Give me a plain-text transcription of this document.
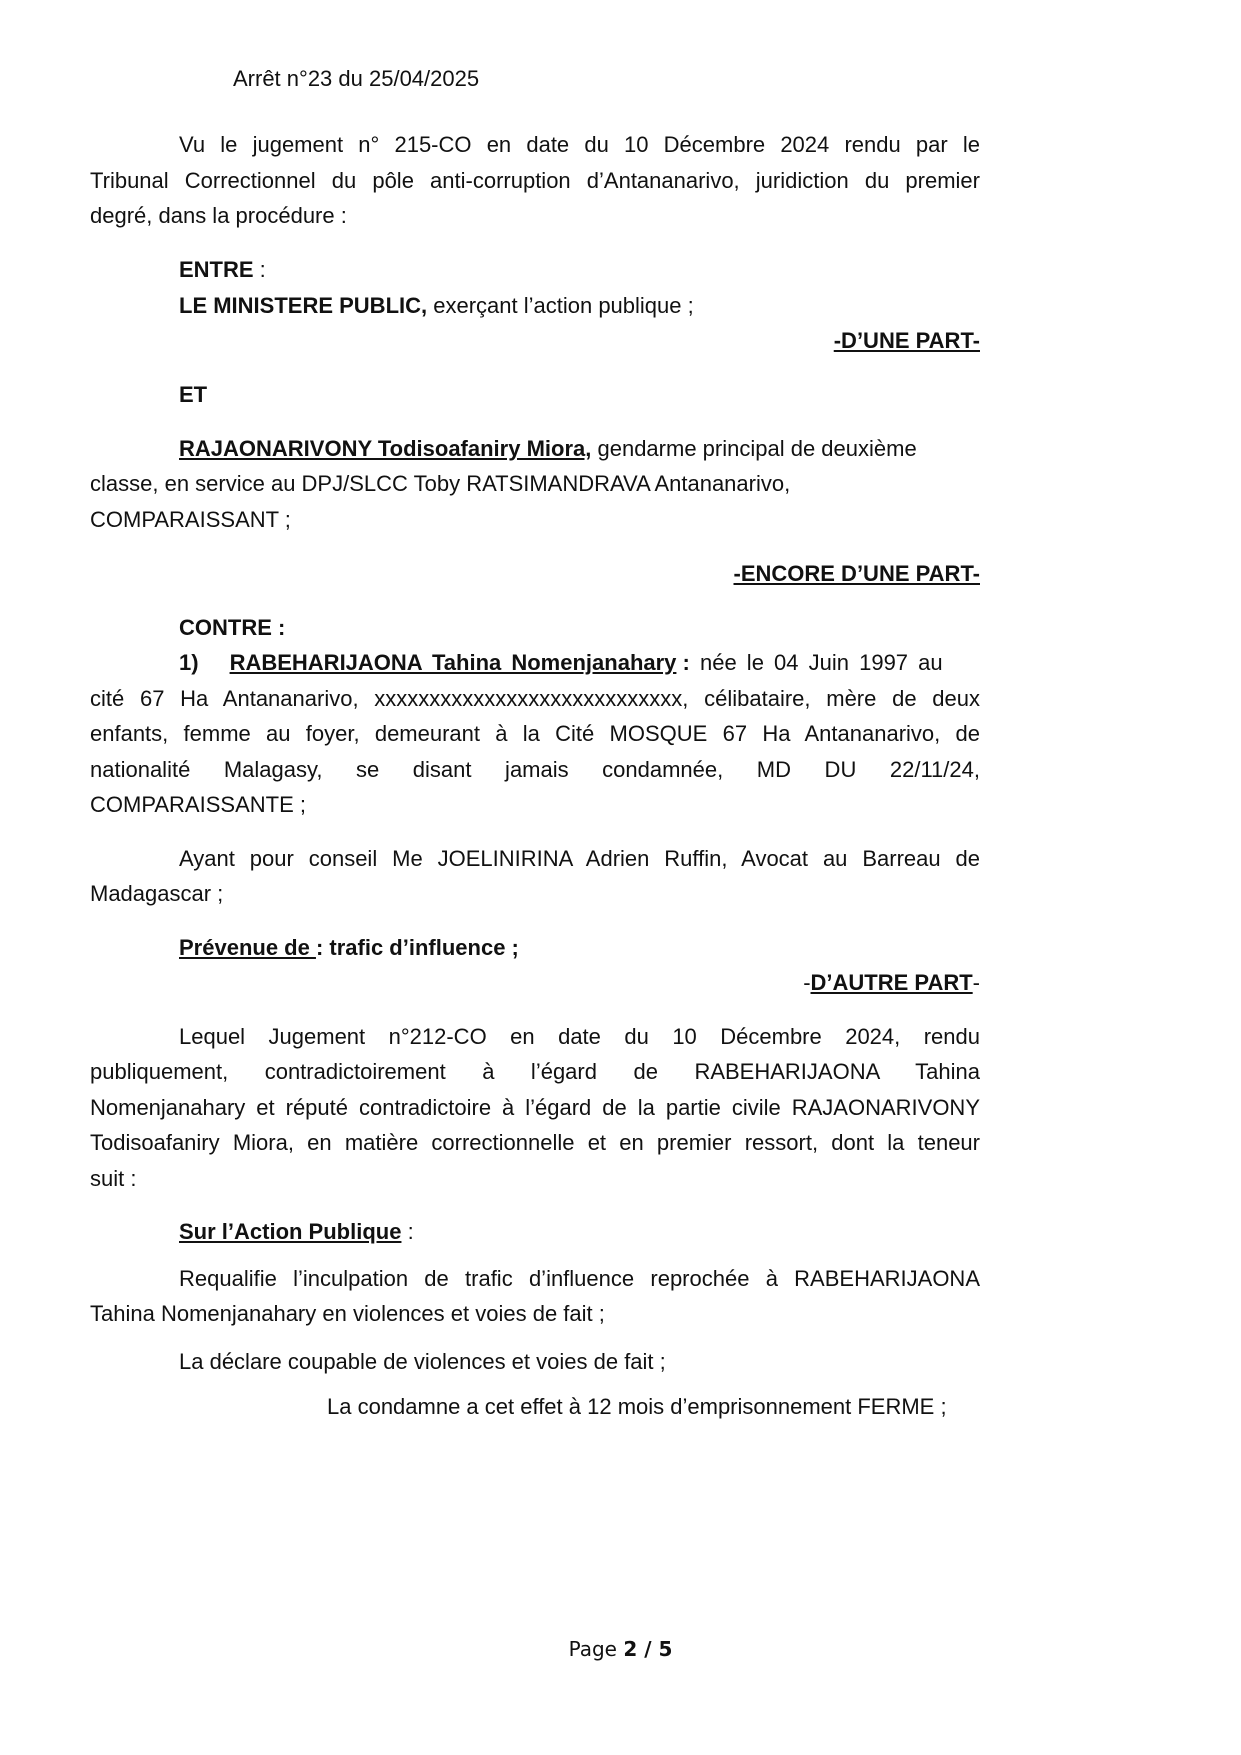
Arrêt n°23 du 25/04/2025
Vu le jugement n° 215-CO en date du 10 Décembre 2024 rendu par le
Tribunal Correctionnel du pôle anti-corruption d’Antananarivo, juridiction du premier
degré, dans la procédure :
ENTRE :
LE MINISTERE PUBLIC, exerçant l’action publique ;
-D’UNE PART-
ET
RAJAONARIVONY Todisoafaniry Miora, gendarme principal de deuxième
classe, en service au DPJ/SLCC Toby RATSIMANDRAVA Antananarivo,
COMPARAISSANT ;
-ENCORE D’UNE PART-
CONTRE :
1) RABEHARIJAONA Tahina Nomenjanahary : née le 04 Juin 1997 au
cité 67 Ha Antananarivo, xxxxxxxxxxxxxxxxxxxxxxxxxxxx, célibataire, mère de deux
enfants, femme au foyer, demeurant à la Cité MOSQUE 67 Ha Antananarivo, de
nationalité Malagasy, se disant jamais condamnée, MD DU 22/11/24,
COMPARAISSANTE ;
Ayant pour conseil Me JOELINIRINA Adrien Ruffin, Avocat au Barreau de
Madagascar ;
Prévenue de : trafic d’influence ;
-D’AUTRE PART-
Lequel Jugement n°212-CO en date du 10 Décembre 2024, rendu
publiquement, contradictoirement à l’égard de RABEHARIJAONA Tahina
Nomenjanahary et réputé contradictoire à l’égard de la partie civile RAJAONARIVONY
Todisoafaniry Miora, en matière correctionnelle et en premier ressort, dont la teneur
suit :
Sur l’Action Publique :
Requalifie l’inculpation de trafic d’influence reprochée à RABEHARIJAONA
Tahina Nomenjanahary en violences et voies de fait ;
La déclare coupable de violences et voies de fait ;
La condamne a cet effet à 12 mois d’emprisonnement FERME ;
Page 2 / 5
